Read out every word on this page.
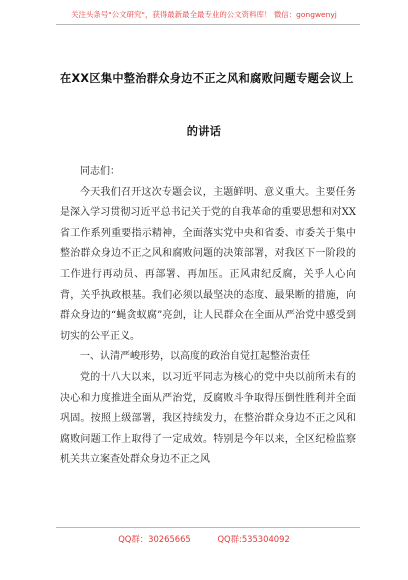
关注头条号"公文研究"，获得最新最全最专业的公文资料库！ 微信：gongwenyj
在XX区集中整治群众身边不正之风和腐败问题专题会议上
的讲话

同志们：

今天我们召开这次专题会议，主题鲜明、意义重大。主要任务是深入学习贯彻习近平总书记关于党的自我革命的重要思想和对XX省工作系列重要指示精神，全面落实党中央和省委、市委关于集中整治群众身边不正之风和腐败问题的决策部署，对我区下一阶段的工作进行再动员、再部署、再加压。正风肃纪反腐，关乎人心向背，关乎执政根基。我们必须以最坚决的态度、最果断的措施，向群众身边的“蝇贪蚁腐”亮剑，让人民群众在全面从严治党中感受到切实的公平正义。

一、认清严峻形势，以高度的政治自觉扛起整治责任

党的十八大以来，以习近平同志为核心的党中央以前所未有的决心和力度推进全面从严治党，反腐败斗争取得压倒性胜利并全面巩固。按照上级部署，我区持续发力，在整治群众身边不正之风和腐败问题工作上取得了一定成效。特别是今年以来，全区纪检监察机关共立案查处群众身边不正之风

QQ群：30265665	QQ群:535304092
